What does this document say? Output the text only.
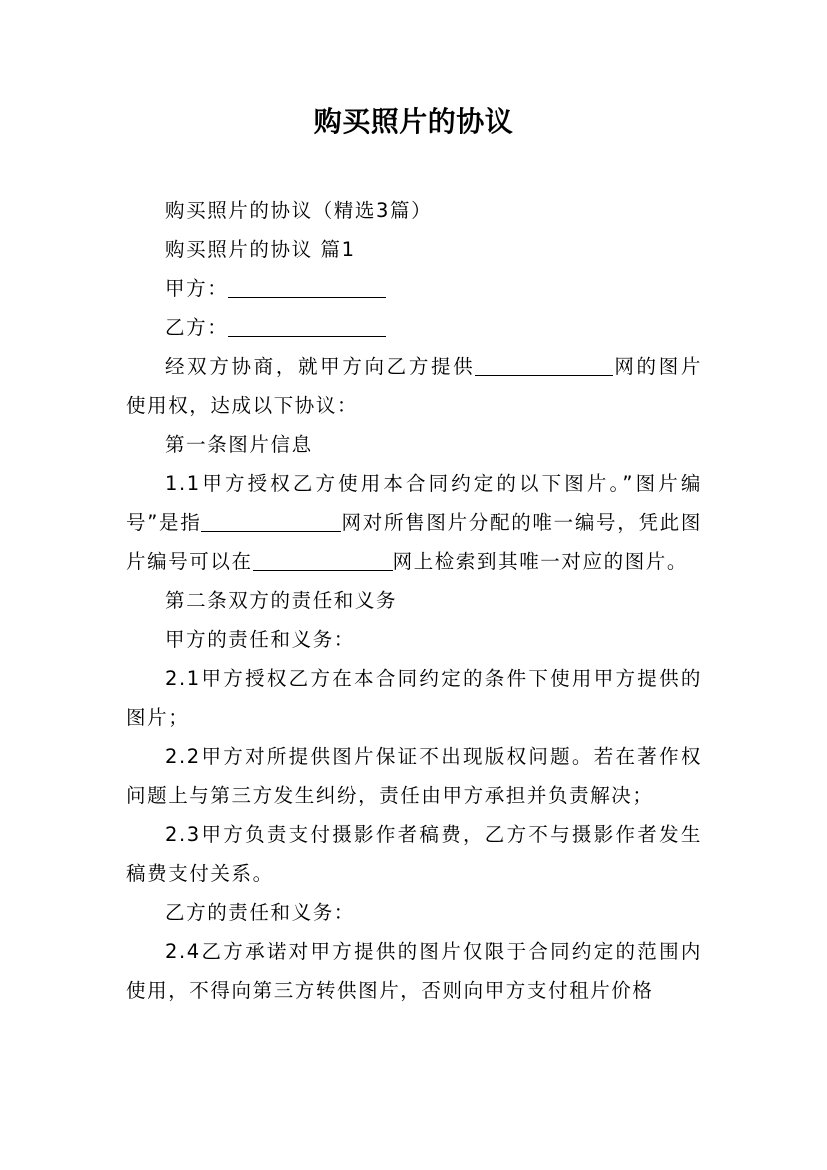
购买照片的协议

购买照片的协议（精选3篇）

购买照片的协议 篇1

甲方：

乙方：

经双方协商，就甲方向乙方提供	网的图片使用权，达成以下协议：

第一条图片信息

1.1甲方授权乙方使用本合同约定的以下图片。”图片编号”是指	网对所售图片分配的唯一编号，凭此图片编号可以在	网上检索到其唯一对应的图片。

第二条双方的责任和义务

甲方的责任和义务：

2.1甲方授权乙方在本合同约定的条件下使用甲方提供的图片；

2.2甲方对所提供图片保证不出现版权问题。若在著作权问题上与第三方发生纠纷，责任由甲方承担并负责解决；

2.3甲方负责支付摄影作者稿费，乙方不与摄影作者发生稿费支付关系。

乙方的责任和义务：

2.4乙方承诺对甲方提供的图片仅限于合同约定的范围内使用，不得向第三方转供图片，否则向甲方支付租片价格
